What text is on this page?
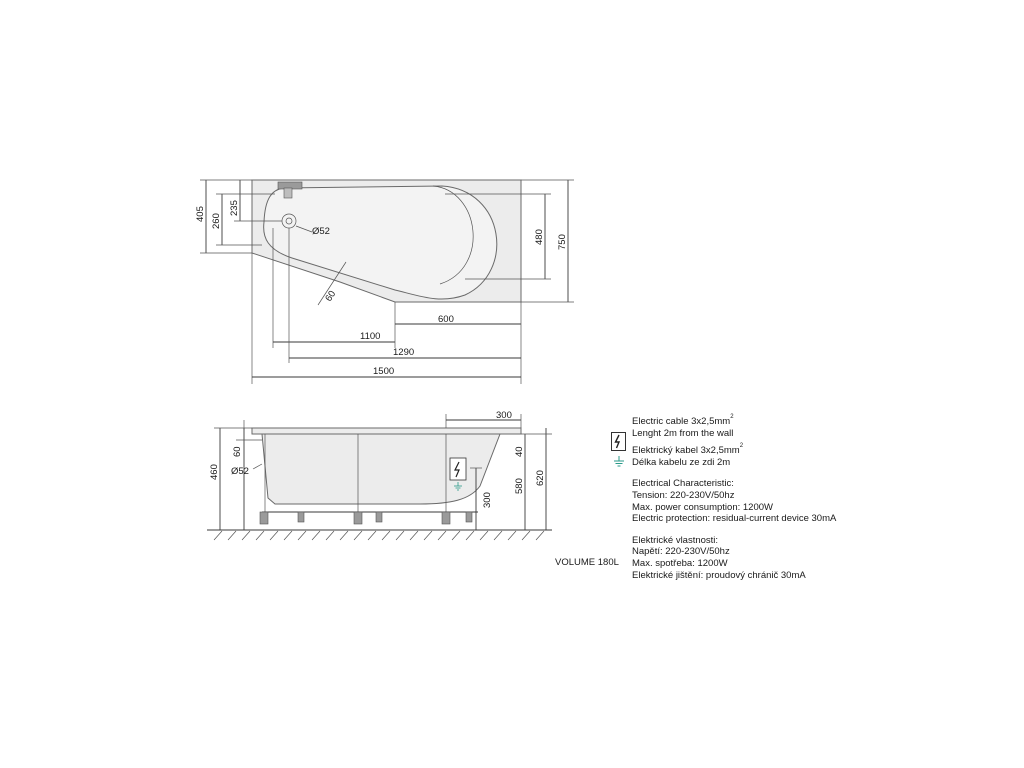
405 260
235
Ø52	480 750
60
600
1100
1290
1500
60
460 Ø52
300
40
580
620
300
VOLUME 180L

Electric cable $3x2,5mm^2$

Lenght 2m from the wall

Elektrický kabel $3x2,5mm^2$

Délka kabelu ze zdi 2m

Electrical Characteristic:

Tension: 220-230V/50hz

Max. power consumption: 1200W

Electric protection: residual-current device 30mA

Elektrické vlastnosti:

Napětí: 220-230V/50hz

Max. spotřeba: 1200W

Elektrické jištění: proudový chránič 30mA
